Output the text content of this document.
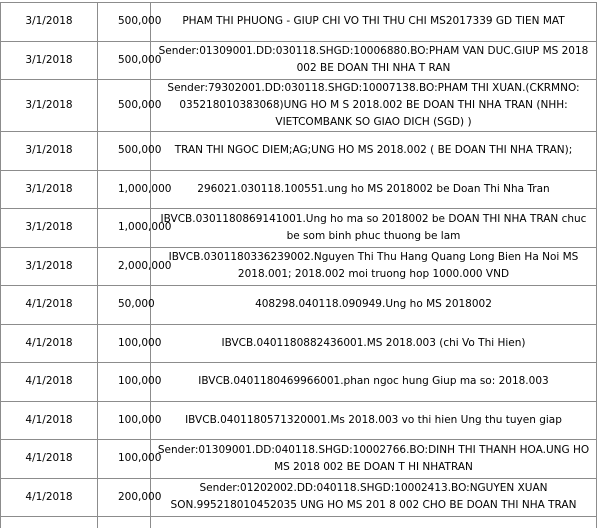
3/1/2018	500,000	PHAM THI PHUONG - GIUP CHI VO THI THU CHI MS2017339 GD TIEN MAT
3/1/2018	500,000	Sender:01309001.DD:030118.SHGD:10006880.BO:PHAM VAN DUC.GIUP MS 2018 002 BE DOAN THI NHA T RAN
3/1/2018	500,000	Sender:79302001.DD:030118.SHGD:10007138.BO:PHAM THI XUAN.(CKRMNO: 035218010383068)UNG HO M S 2018.002 BE DOAN THI NHA TRAN (NHH: VIETCOMBANK SO GIAO DICH (SGD) )
3/1/2018	500,000	TRAN THI NGOC DIEM;AG;UNG HO MS 2018.002 ( BE DOAN THI NHA TRAN);
3/1/2018	1,000,000	296021.030118.100551.ung ho MS 2018002 be Doan Thi Nha Tran
3/1/2018	1,000,000	IBVCB.0301180869141001.Ung ho ma so 2018002 be DOAN THI NHA TRAN chuc be som binh phuc thuong be lam
3/1/2018	2,000,000	IBVCB.0301180336239002.Nguyen Thi Thu Hang Quang Long Bien Ha Noi MS 2018.001; 2018.002 moi truong hop 1000.000 VND
4/1/2018	50,000	408298.040118.090949.Ung ho MS 2018002
4/1/2018	100,000	IBVCB.0401180882436001.MS 2018.003 (chi Vo Thi Hien)
4/1/2018	100,000	IBVCB.0401180469966001.phan ngoc hung Giup ma so: 2018.003
4/1/2018	100,000	IBVCB.0401180571320001.Ms 2018.003 vo thi hien Ung thu tuyen giap
4/1/2018	100,000	Sender:01309001.DD:040118.SHGD:10002766.BO:DINH THI THANH HOA.UNG HO MS 2018 002 BE DOAN T HI NHATRAN
4/1/2018	200,000	Sender:01202002.DD:040118.SHGD:10002413.BO:NGUYEN XUAN SON.995218010452035 UNG HO MS 201 8 002 CHO BE DOAN THI NHA TRAN
